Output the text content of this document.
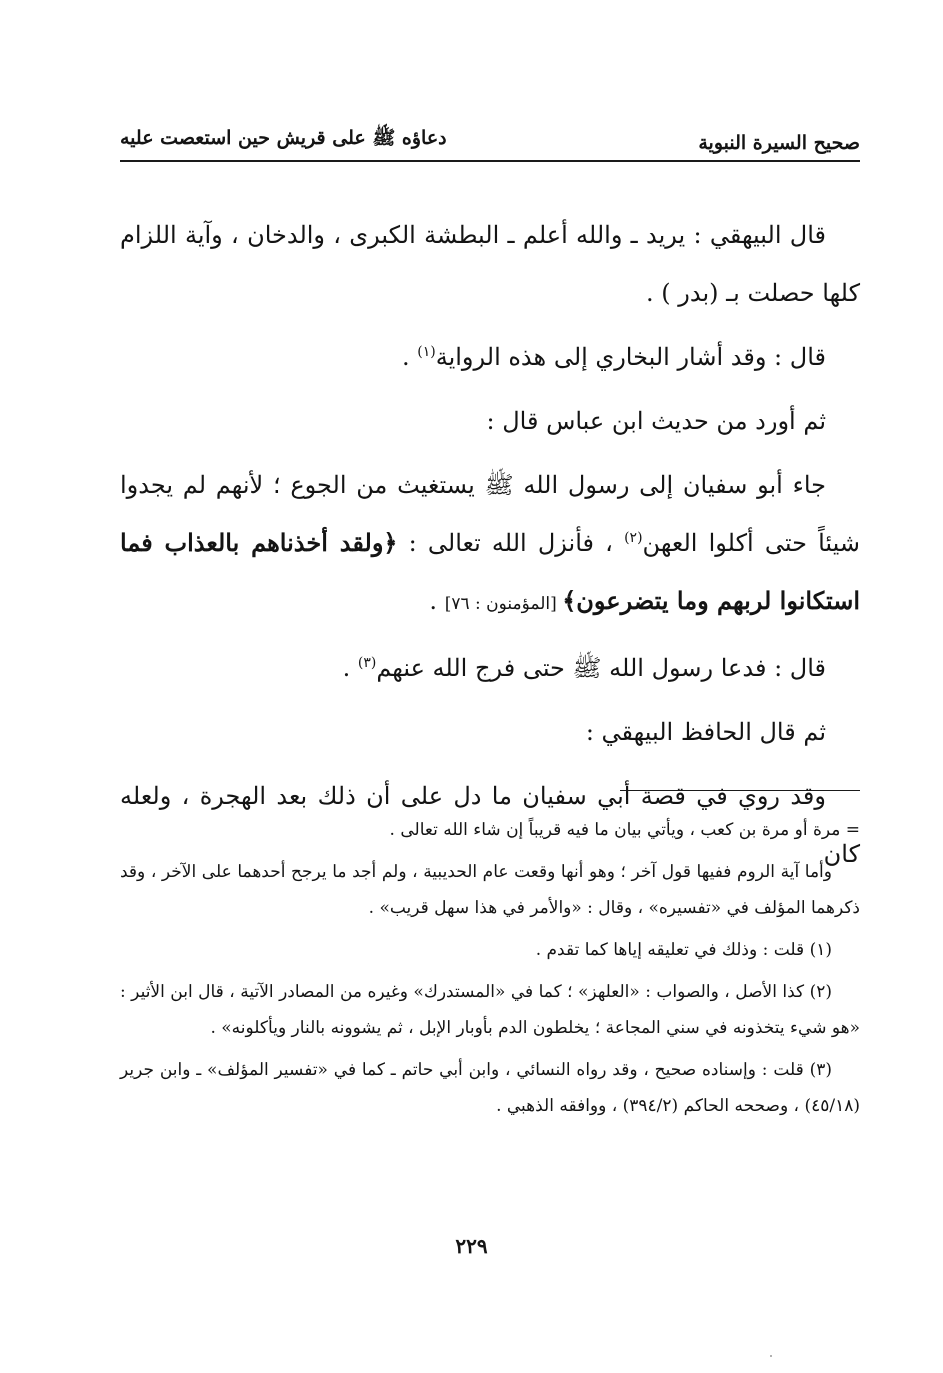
صحيح السيرة النبوية
دعاؤه ﷺ على قريش حين استعصت عليه

قال البيهقي : يريد ـ والله أعلم ـ البطشة الكبرى ، والدخان ، وآية اللزام كلها حصلت بـ (بدر ) .

قال : وقد أشار البخاري إلى هذه الرواية$^{(١)}$ .

ثم أورد من حديث ابن عباس قال :

جاء أبو سفيان إلى رسول الله ﷺ يستغيث من الجوع ؛ لأنهم لم يجدوا شيئاً حتى أكلوا العهن$^{(٢)}$ ، فأنزل الله تعالى : ﴿ولقد أخذناهم بالعذاب فما استكانوا لربهم وما يتضرعون﴾ [المؤمنون : ٧٦] .

قال : فدعا رسول الله ﷺ حتى فرج الله عنهم$^{(٣)}$ .

ثم قال الحافظ البيهقي :

وقد روي في قصة أبي سفيان ما دل على أن ذلك بعد الهجرة ، ولعله كان

= مرة أو مرة بن كعب ، ويأتي بيان ما فيه قريباً إن شاء الله تعالى .

وأما آية الروم ففيها قول آخر ؛ وهو أنها وقعت عام الحديبية ، ولم أجد ما يرجح أحدهما على الآخر ، وقد ذكرهما المؤلف في «تفسيره» ، وقال : «والأمر في هذا سهل قريب» .

(١) قلت : وذلك في تعليقه إياها كما تقدم .

(٢) كذا الأصل ، والصواب : «العلهز» ؛ كما في «المستدرك» وغيره من المصادر الآتية ، قال ابن الأثير : «هو شيء يتخذونه في سني المجاعة ؛ يخلطون الدم بأوبار الإبل ، ثم يشوونه بالنار ويأكلونه» .

(٣) قلت : وإسناده صحيح ، وقد رواه النسائي ، وابن أبي حاتم ـ كما في «تفسير المؤلف» ـ وابن جرير (٤٥/١٨) ، وصححه الحاكم (٣٩٤/٢) ، ووافقه الذهبي .

٢٢٩
